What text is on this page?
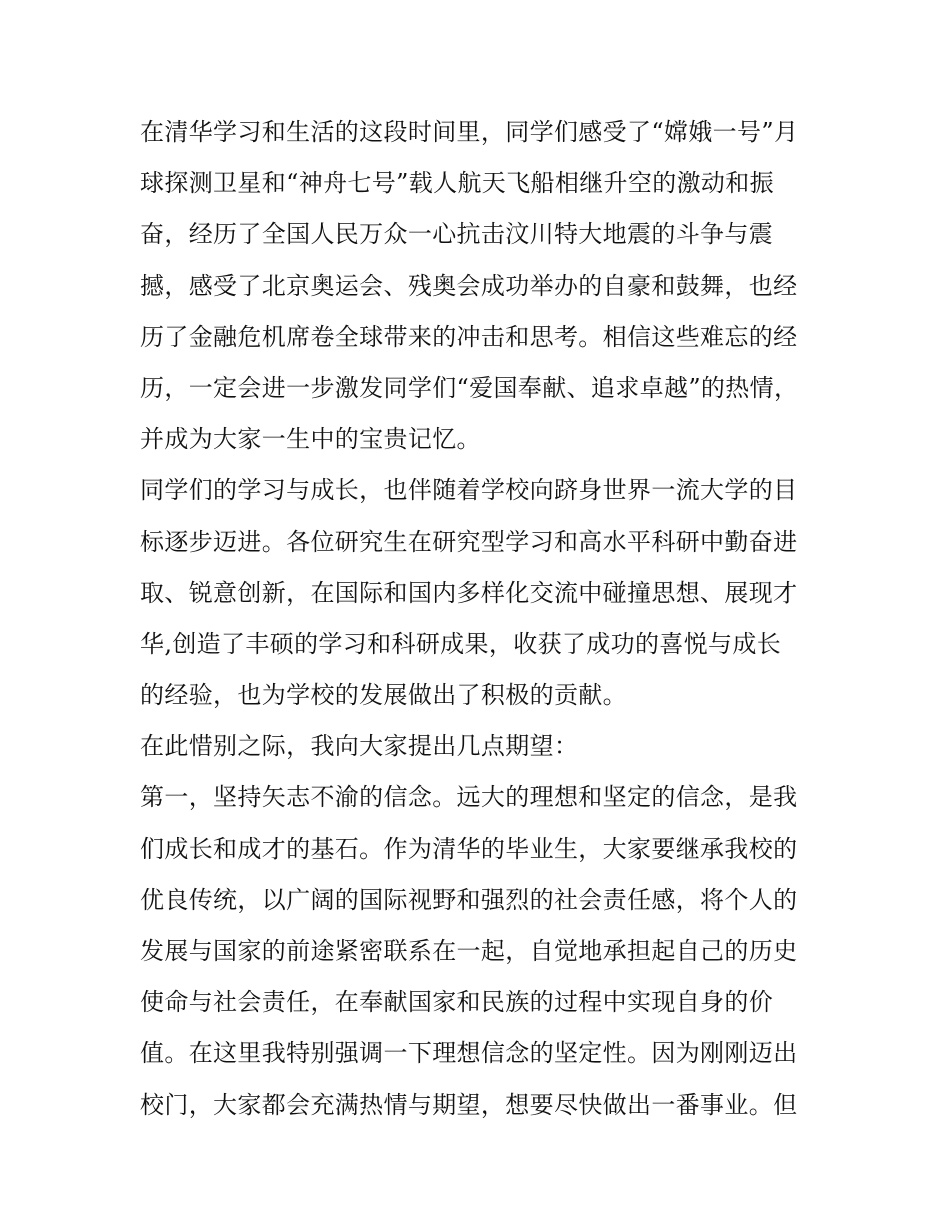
在清华学习和生活的这段时间里，同学们感受了“嫦娥一号”月
球探测卫星和“神舟七号”载人航天飞船相继升空的激动和振
奋，经历了全国人民万众一心抗击汶川特大地震的斗争与震
撼，感受了北京奥运会、残奥会成功举办的自豪和鼓舞，也经
历了金融危机席卷全球带来的冲击和思考。相信这些难忘的经
历，一定会进一步激发同学们“爱国奉献、追求卓越”的热情，
并成为大家一生中的宝贵记忆。
同学们的学习与成长，也伴随着学校向跻身世界一流大学的目
标逐步迈进。各位研究生在研究型学习和高水平科研中勤奋进
取、锐意创新，在国际和国内多样化交流中碰撞思想、展现才
华,创造了丰硕的学习和科研成果，收获了成功的喜悦与成长
的经验，也为学校的发展做出了积极的贡献。
在此惜别之际，我向大家提出几点期望：
第一，坚持矢志不渝的信念。远大的理想和坚定的信念，是我
们成长和成才的基石。作为清华的毕业生，大家要继承我校的
优良传统，以广阔的国际视野和强烈的社会责任感，将个人的
发展与国家的前途紧密联系在一起，自觉地承担起自己的历史
使命与社会责任，在奉献国家和民族的过程中实现自身的价
值。在这里我特别强调一下理想信念的坚定性。因为刚刚迈出
校门，大家都会充满热情与期望，想要尽快做出一番事业。但
